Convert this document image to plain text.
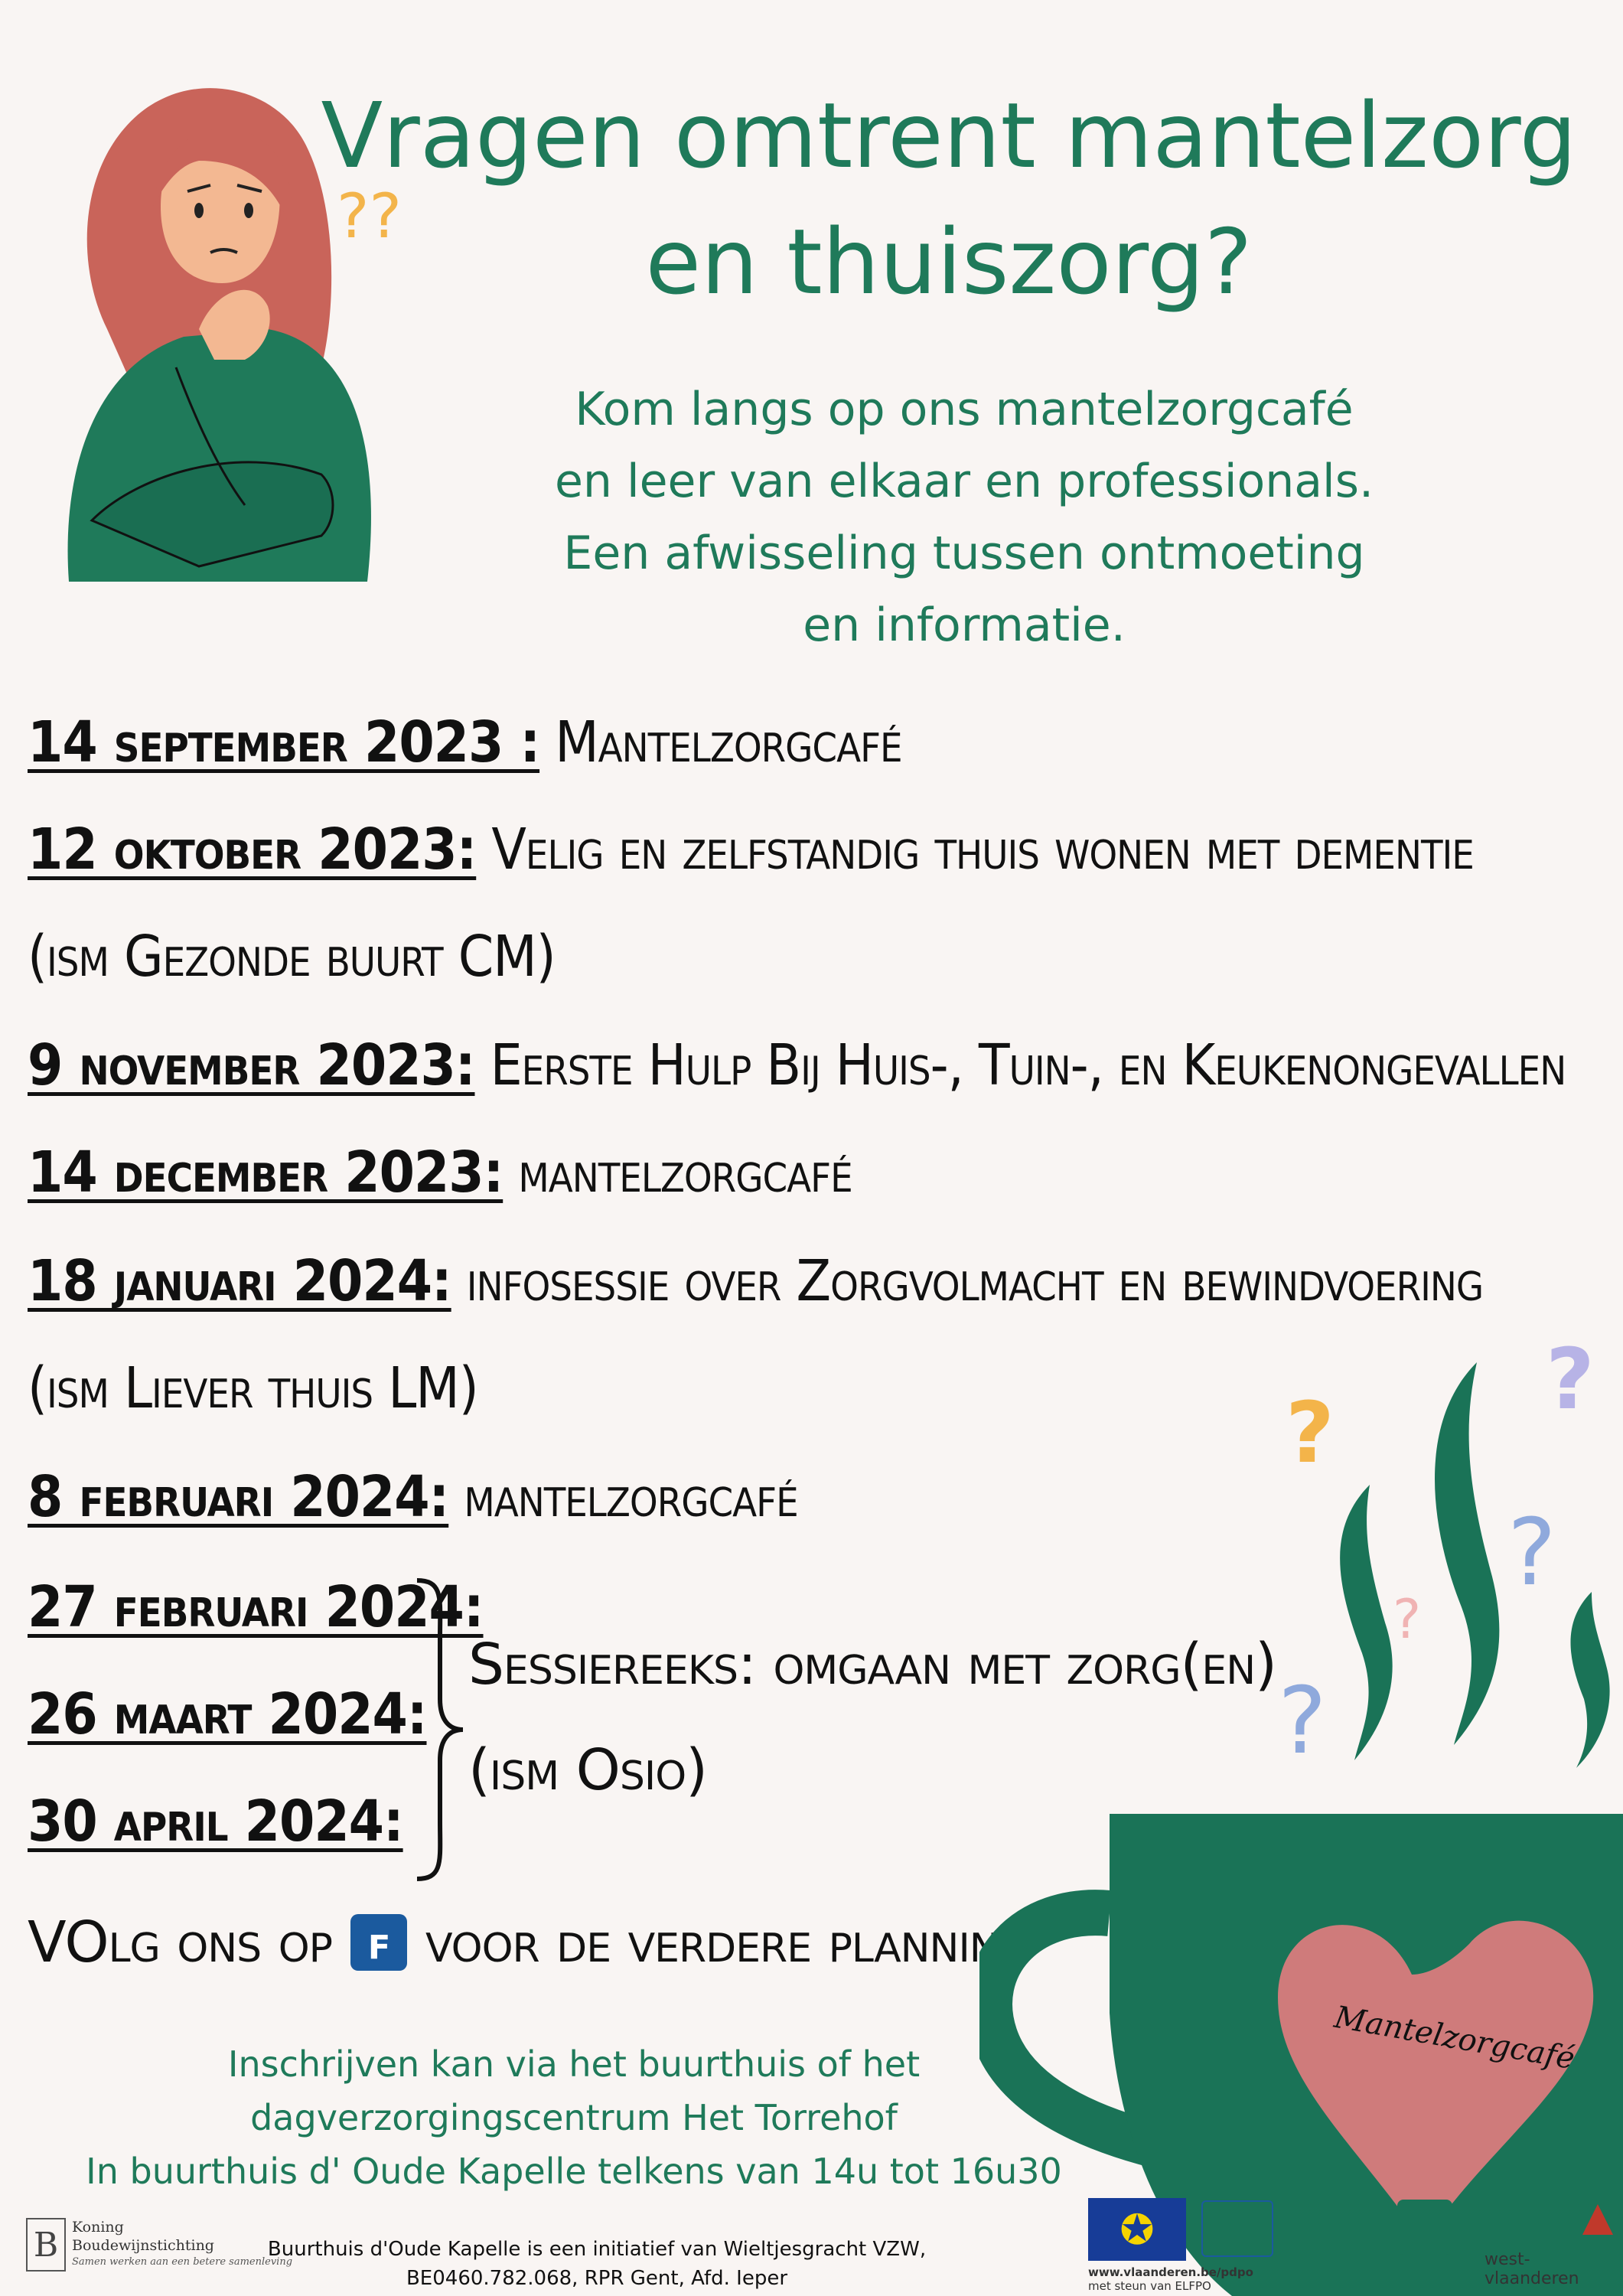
??
Vragen omtrent mantelzorg
en thuiszorg?
Kom langs op ons mantelzorgcafé
en leer van elkaar en professionals.
Een afwisseling tussen ontmoeting
en informatie.
14 september 2023 : Mantelzorgcafé
12 oktober 2023: Velig en zelfstandig thuis wonen met dementie
(ism Gezonde buurt CM)
9 november 2023: Eerste Hulp Bij Huis-, Tuin-, en Keukenongevallen
14 december 2023: mantelzorgcafé
18 januari 2024: infosessie over Zorgvolmacht en bewindvoering
(ism Liever thuis LM)
8 februari 2024: mantelzorgcafé
27 februari 2024:
26 maart 2024:
30 april 2024:
Sessiereeks: omgaan met zorg(en)
(ism Osio)
VOlg ons op f voor de verdere planning
?
?
?
?
?
Mantelzorgcafé
Inschrijven kan via het buurthuis of het
dagverzorgingscentrum Het Torrehof
In buurthuis d' Oude Kapelle telkens van 14u tot 16u30
B Koning
Boudewijnstichting
Samen werken aan een betere samenleving
Buurthuis d'Oude Kapelle is een initiatief van Wieltjesgracht VZW,
BE0460.782.068, RPR Gent, Afd. Ieper
✪
www.vlaanderen.be/pdpo
met steun van ELFPO
west-vlaanderen
